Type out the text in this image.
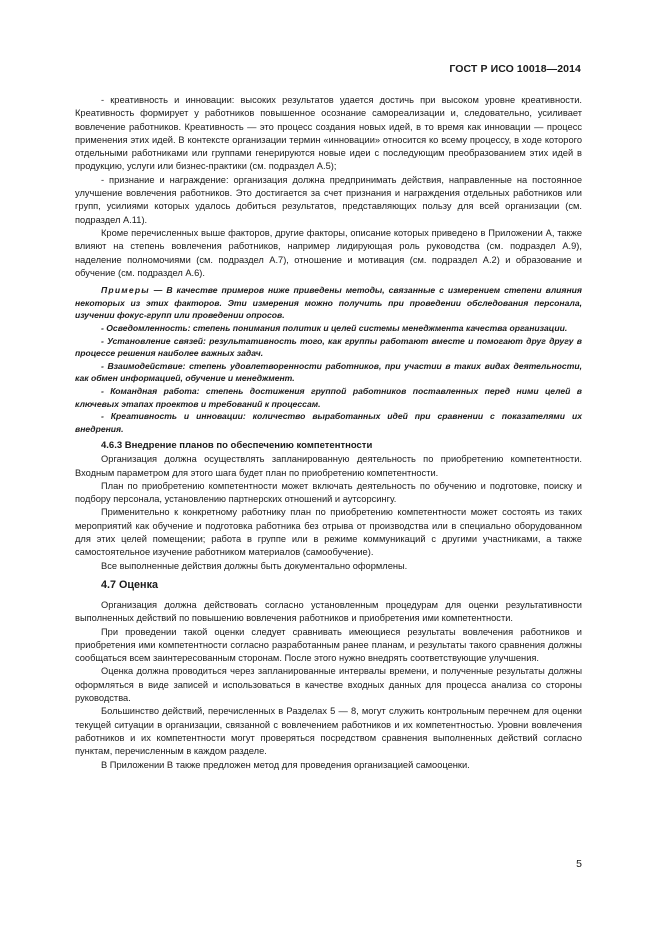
ГОСТ Р ИСО 10018—2014

- креативность и инновации: высоких результатов удается достичь при высоком уровне креативности. Креативность формирует у работников повышенное осознание самореализации и, следовательно, усиливает вовлечение работников. Креативность — это процесс создания новых идей, в то время как инновации — процесс применения этих идей. В контексте организации термин «инновации» относится ко всему процессу, в ходе которого отдельными работниками или группами генерируются новые идеи с последующим преобразованием этих идей в продукцию, услуги или бизнес-практики (см. подраздел А.5);

- признание и награждение: организация должна предпринимать действия, направленные на постоянное улучшение вовлечения работников. Это достигается за счет признания и награждения отдельных работников или групп, усилиями которых удалось добиться результатов, представляющих пользу для всей организации (см. подраздел А.11).

Кроме перечисленных выше факторов, другие факторы, описание которых приведено в Приложении А, также влияют на степень вовлечения работников, например лидирующая роль руководства (см. подраздел А.9), наделение полномочиями (см. подраздел А.7), отношение и мотивация (см. подраздел А.2) и образование и обучение (см. подраздел А.6).

Примеры — В качестве примеров ниже приведены методы, связанные с измерением степени влияния некоторых из этих факторов. Эти измерения можно получить при проведении обследования персонала, изучении фокус-групп или проведении опросов.

- Осведомленность: степень понимания политик и целей системы менеджмента качества организации.

- Установление связей: результативность того, как группы работают вместе и помогают друг другу в процессе решения наиболее важных задач.

- Взаимодействие: степень удовлетворенности работников, при участии в таких видах деятельности, как обмен информацией, обучение и менеджмент.

- Командная работа: степень достижения группой работников поставленных перед ними целей в ключевых этапах проектов и требований к процессам.

- Креативность и инновации: количество выработанных идей при сравнении с показателями их внедрения.

4.6.3 Внедрение планов по обеспечению компетентности

Организация должна осуществлять запланированную деятельность по приобретению компетентности. Входным параметром для этого шага будет план по приобретению компетентности.

План по приобретению компетентности может включать деятельность по обучению и подготовке, поиску и подбору персонала, установлению партнерских отношений и аутсорсингу.

Применительно к конкретному работнику план по приобретению компетентности может состоять из таких мероприятий как обучение и подготовка работника без отрыва от производства или в специально оборудованном для этих целей помещении; работа в группе или в режиме коммуникаций с другими участниками, а также самостоятельное изучение работником материалов (самообучение).

Все выполненные действия должны быть документально оформлены.

4.7 Оценка

Организация должна действовать согласно установленным процедурам для оценки результативности выполненных действий по повышению вовлечения работников и приобретения ими компетентности.

При проведении такой оценки следует сравнивать имеющиеся результаты вовлечения работников и приобретения ими компетентности согласно разработанным ранее планам, и результаты такого сравнения должны сообщаться всем заинтересованным сторонам. После этого нужно внедрять соответствующие улучшения.

Оценка должна проводиться через запланированные интервалы времени, и полученные результаты должны оформляться в виде записей и использоваться в качестве входных данных для процесса анализа со стороны руководства.

Большинство действий, перечисленных в Разделах 5 — 8, могут служить контрольным перечнем для оценки текущей ситуации в организации, связанной с вовлечением работников и их компетентностью. Уровни вовлечения работников и их компетентности могут проверяться посредством сравнения выполненных действий согласно пунктам, перечисленным в каждом разделе.

В Приложении В также предложен метод для проведения организацией самооценки.

5
